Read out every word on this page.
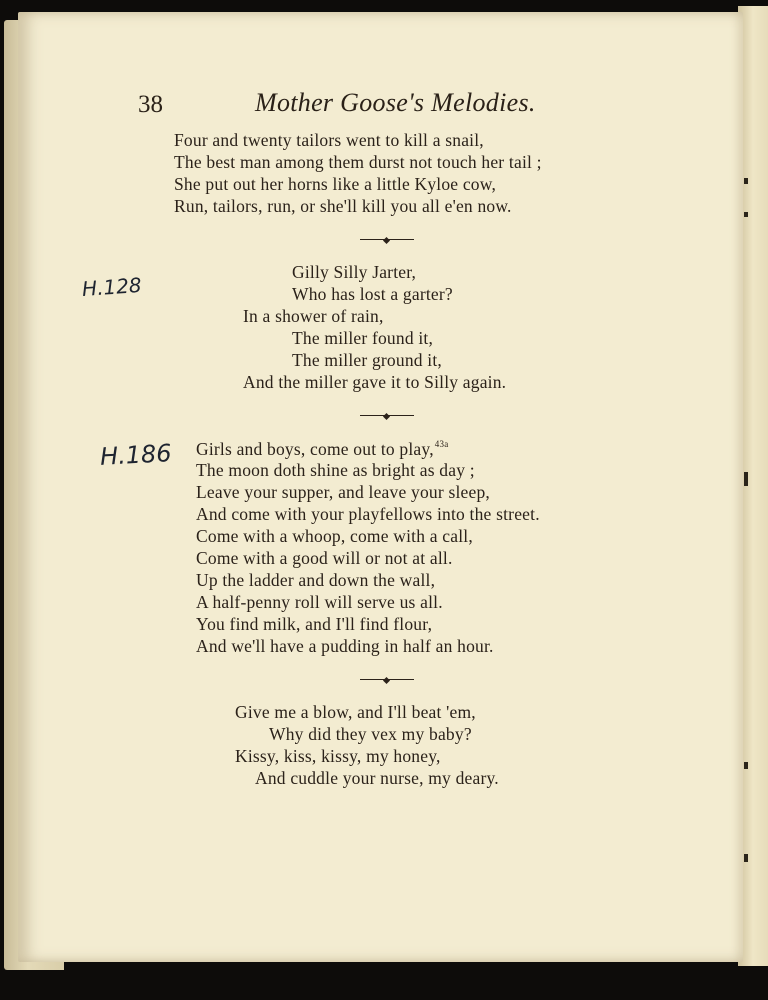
38	Mother Goose's Melodies.
Four and twenty tailors went to kill a snail,
The best man among them durst not touch her tail ;
She put out her horns like a little Kyloe cow,
Run, tailors, run, or she'll kill you all e'en now.
H.128
Gilly Silly Jarter,
Who has lost a garter?
In a shower of rain,
The miller found it,
The miller ground it,
And the miller gave it to Silly again.
H.186 Girls and boys, come out to play,$^{43a}$
The moon doth shine as bright as day ;
Leave your supper, and leave your sleep,
And come with your playfellows into the street.
Come with a whoop, come with a call,
Come with a good will or not at all.
Up the ladder and down the wall,
A half-penny roll will serve us all.
You find milk, and I'll find flour,
And we'll have a pudding in half an hour.
Give me a blow, and I'll beat 'em,
Why did they vex my baby?
Kissy, kiss, kissy, my honey,
And cuddle your nurse, my deary.
